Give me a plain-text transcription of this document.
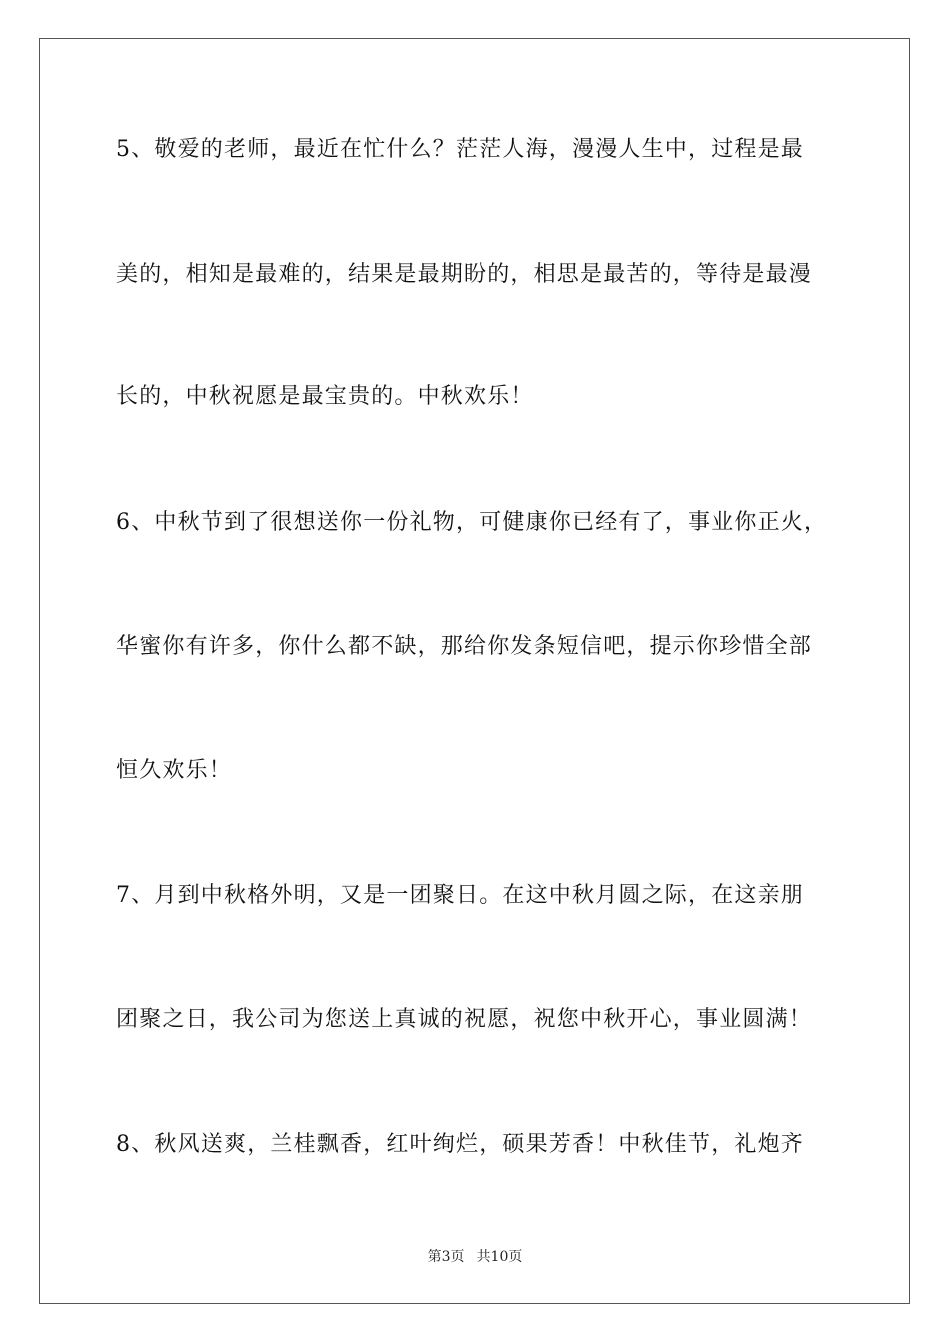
5、敬爱的老师，最近在忙什么？茫茫人海，漫漫人生中，过程是最
美的，相知是最难的，结果是最期盼的，相思是最苦的，等待是最漫
长的，中秋祝愿是最宝贵的。中秋欢乐！
6、中秋节到了很想送你一份礼物，可健康你已经有了，事业你正火，
华蜜你有许多，你什么都不缺，那给你发条短信吧，提示你珍惜全部
恒久欢乐！
7、月到中秋格外明，又是一团聚日。在这中秋月圆之际，在这亲朋
团聚之日，我公司为您送上真诚的祝愿，祝您中秋开心，事业圆满！
8、秋风送爽，兰桂飘香，红叶绚烂，硕果芳香！中秋佳节，礼炮齐
第3页 共10页
